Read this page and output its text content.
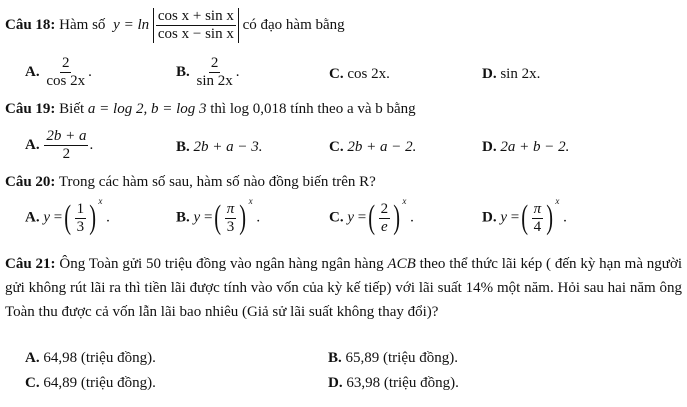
Câu 18: Hàm số $y = \ln \frac{\text{cos x + sin x}}{\text{cos x − sin x}}$ có đạo hàm bằng
A. $\frac{2}{\cos 2x}$ .	B. $\frac{2}{\sin 2x}$ .	C. cos 2x.	D. sin 2x.
Câu 19: Biết a = log 2, b = log 3 thì log 0,018 tính theo a và b bằng
A. $\frac{2b + a}{2}$ .	B. 2b + a − 3.	C. 2b + a − 2.	D. 2a + b − 2.
Câu 20: Trong các hàm số sau, hàm số nào đồng biến trên R?
A. y =( $\frac{1}{3}$ ) $^x$ .	B. y =( $\frac{\pi}{3}$ ) $^x$ .	C. y =( $\frac{2}{e}$ ) $^x$ .	D. y =( $\frac{\pi}{4}$ ) $^x$ .
Câu 21: Ông Toàn gửi 50 triệu đồng vào ngân hàng ngân hàng ACB theo thể thức lãi kép ( đến kỳ hạn mà người gửi không rút lãi ra thì tiền lãi được tính vào vốn của kỳ kế tiếp) với lãi suất 14% một năm. Hỏi sau hai năm ông Toàn thu được cả vốn lẫn lãi bao nhiêu (Giả sử lãi suất không thay đổi)?
A. 64,98 (triệu đồng).	B. 65,89 (triệu đồng).
C. 64,89 (triệu đồng).	D. 63,98 (triệu đồng).
